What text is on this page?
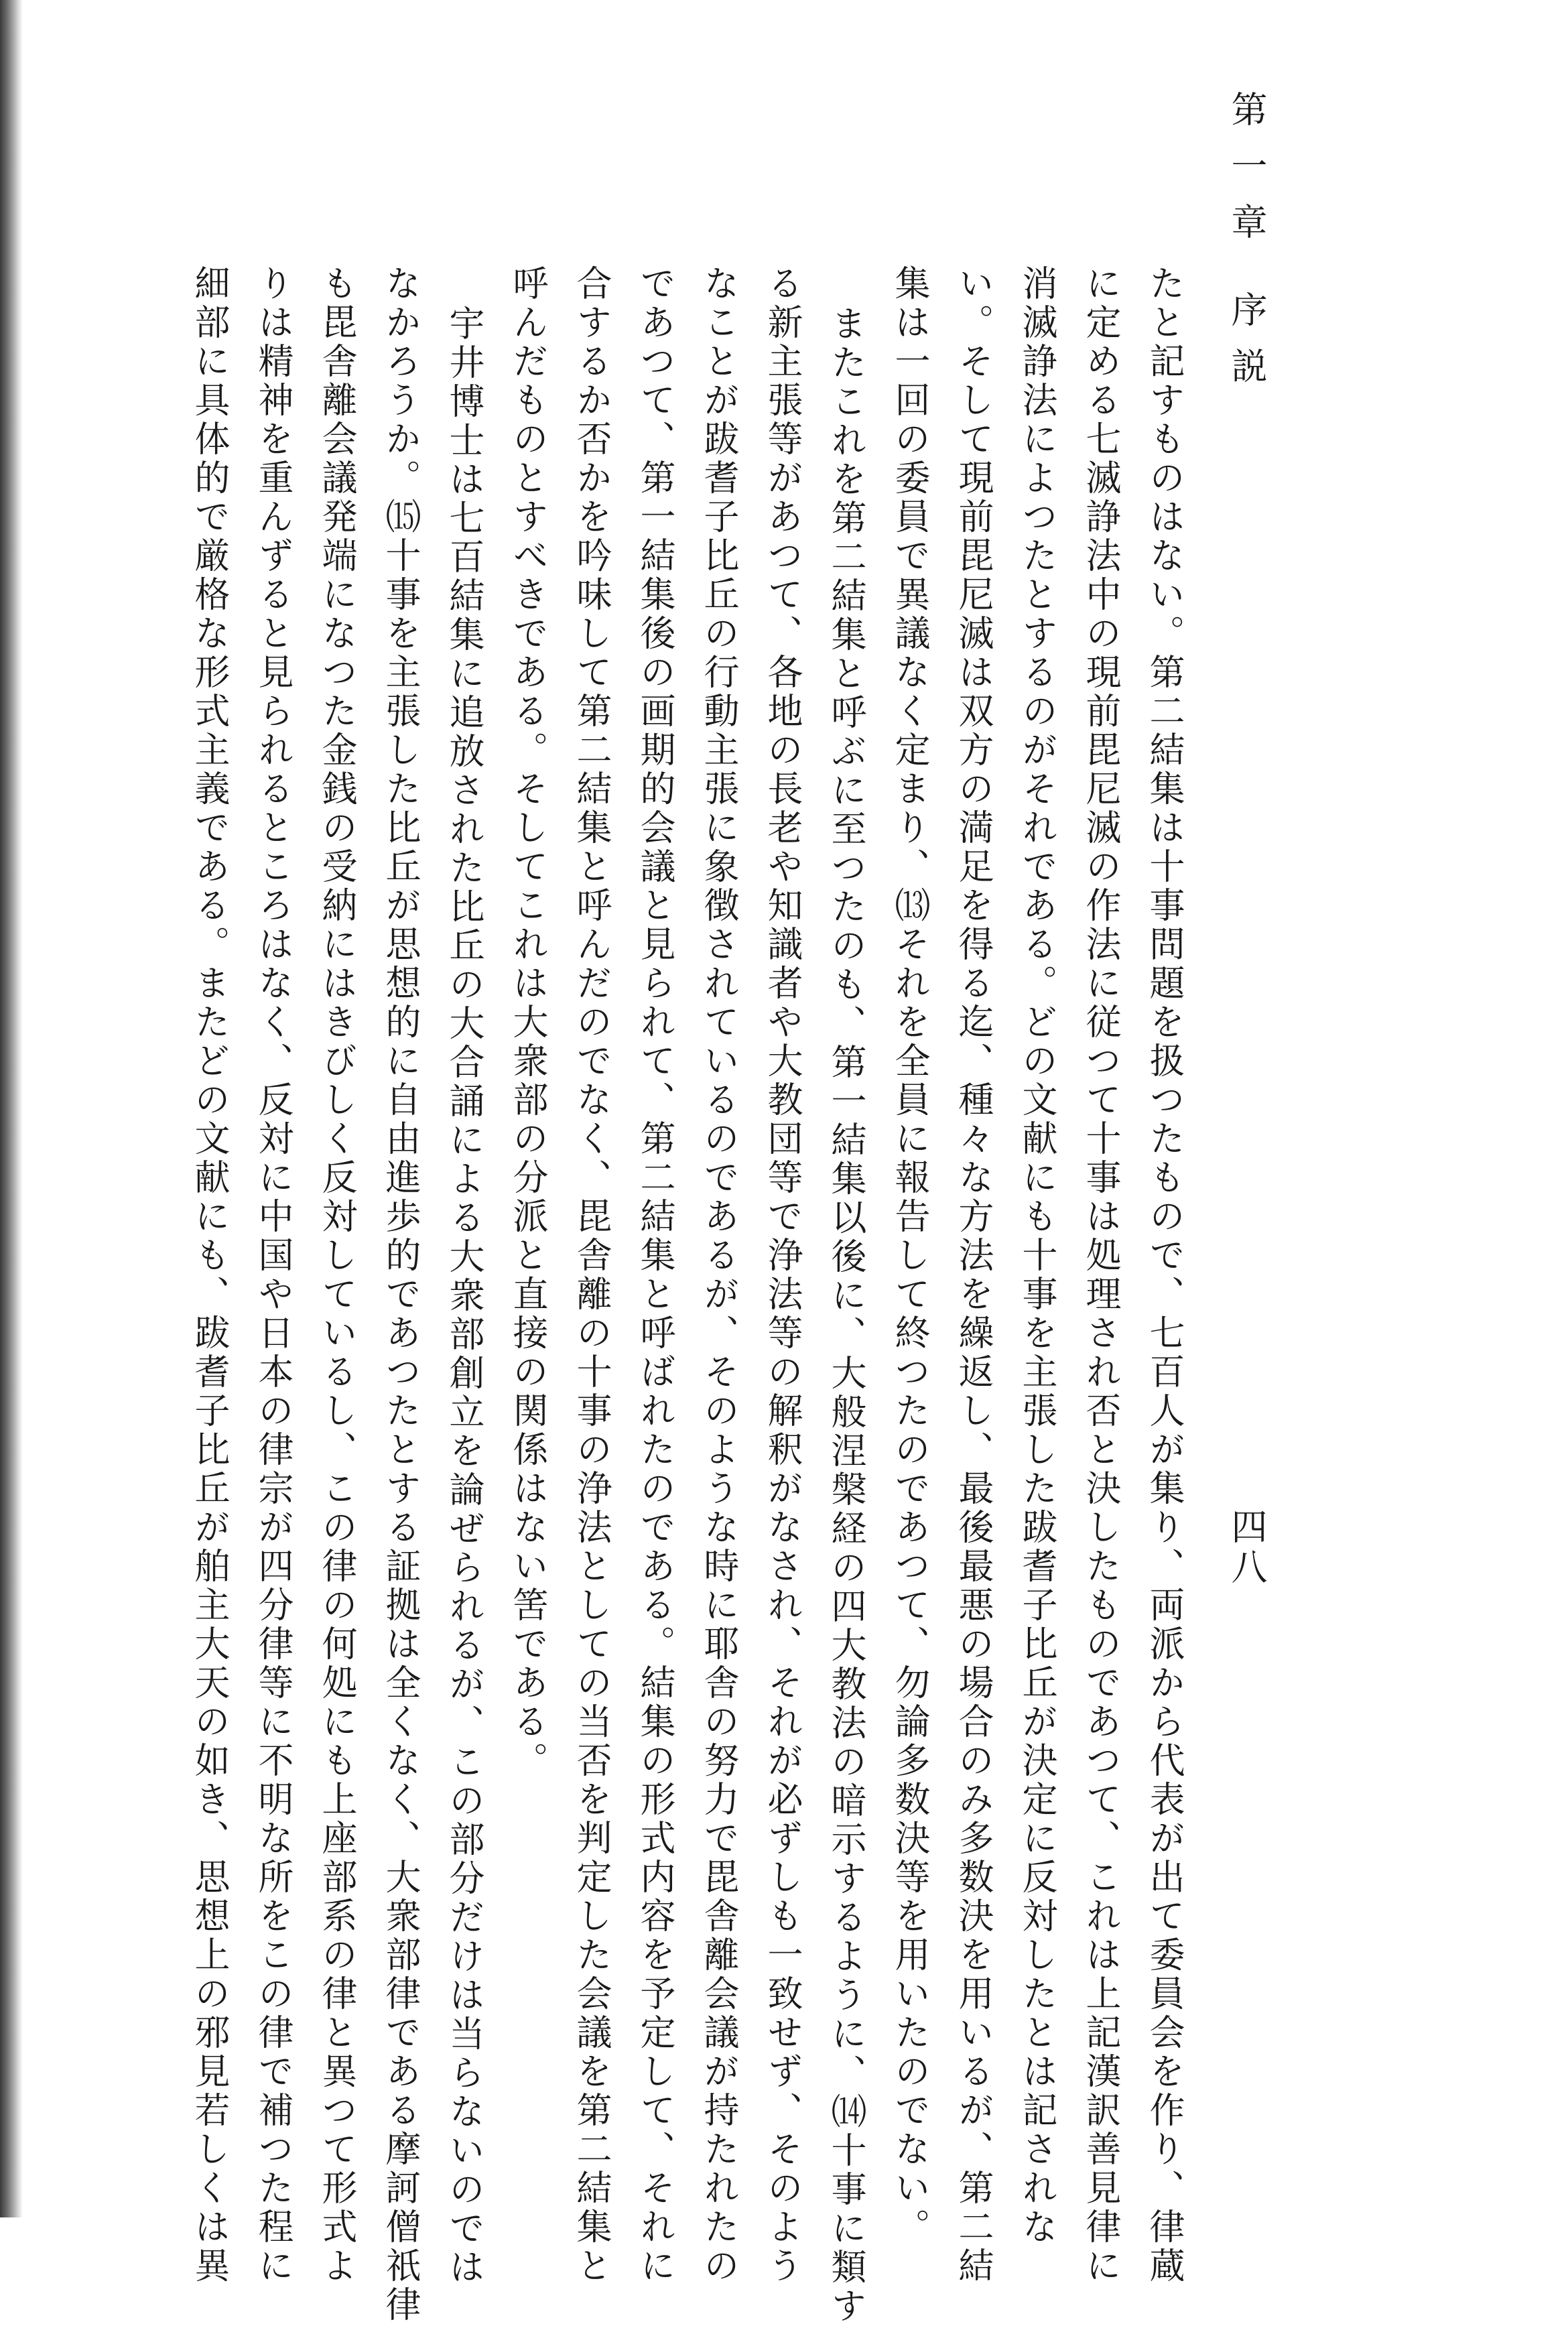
第一章 序説
四八

たと記すものはない。第二結集は十事問題を扱つたもので、七百人が集り、両派から代表が出て委員会を作り、律蔵

に定める七滅諍法中の現前毘尼滅の作法に従つて十事は処理され否と決したものであつて、これは上記漢訳善見律に

消滅諍法によつたとするのがそれである。どの文献にも十事を主張した跋耆子比丘が決定に反対したとは記されな

い。そして現前毘尼滅は双方の満足を得る迄、種々な方法を繰返し、最後最悪の場合のみ多数決を用いるが、第二結

集は一回の委員で異議なく定まり、⒀それを全員に報告して終つたのであつて、勿論多数決等を用いたのでない。

またこれを第二結集と呼ぶに至つたのも、第一結集以後に、大般涅槃経の四大教法の暗示するように、⒁十事に類す

る新主張等があつて、各地の長老や知識者や大教団等で浄法等の解釈がなされ、それが必ずしも一致せず、そのよう

なことが跋耆子比丘の行動主張に象徴されているのであるが、そのような時に耶舎の努力で毘舎離会議が持たれたの

であつて、第一結集後の画期的会議と見られて、第二結集と呼ばれたのである。結集の形式内容を予定して、それに

合するか否かを吟味して第二結集と呼んだのでなく、毘舎離の十事の浄法としての当否を判定した会議を第二結集と

呼んだものとすべきである。そしてこれは大衆部の分派と直接の関係はない筈である。

宇井博士は七百結集に追放された比丘の大合誦による大衆部創立を論ぜられるが、この部分だけは当らないのでは

なかろうか。⒂十事を主張した比丘が思想的に自由進歩的であつたとする証拠は全くなく、大衆部律である摩訶僧祇律

も毘舎離会議発端になつた金銭の受納にはきびしく反対しているし、この律の何処にも上座部系の律と異つて形式よ

りは精神を重んずると見られるところはなく、反対に中国や日本の律宗が四分律等に不明な所をこの律で補つた程に

細部に具体的で厳格な形式主義である。またどの文献にも、跋耆子比丘が舶主大天の如き、思想上の邪見若しくは異
